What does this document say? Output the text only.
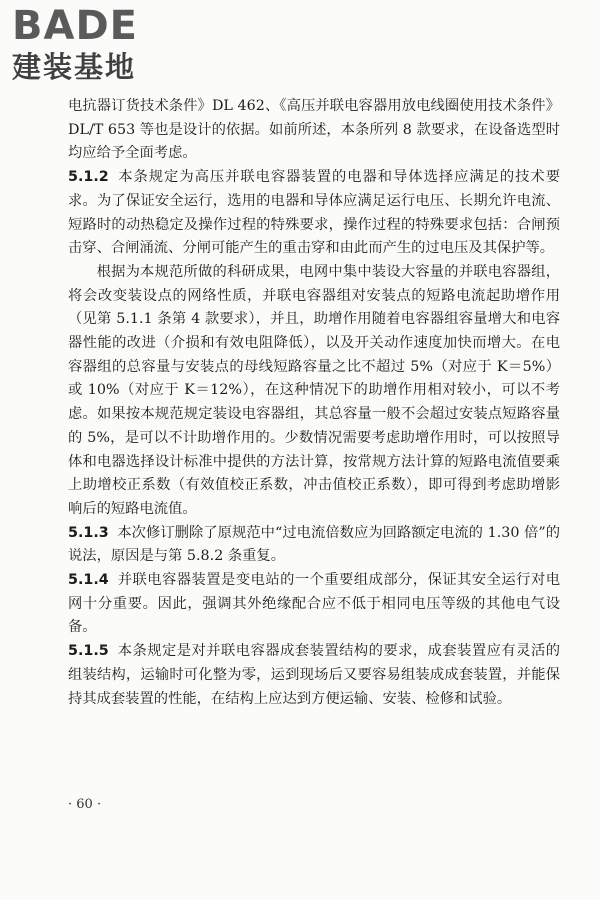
BADE
建装基地

电抗器订货技术条件》DL 462、《高压并联电容器用放电线圈使用技术条件》DL/T 653 等也是设计的依据。如前所述，本条所列 8 款要求，在设备选型时均应给予全面考虑。

5.1.2 本条规定为高压并联电容器装置的电器和导体选择应满足的技术要求。为了保证安全运行，选用的电器和导体应满足运行电压、长期允许电流、短路时的动热稳定及操作过程的特殊要求，操作过程的特殊要求包括：合闸预击穿、合闸涌流、分闸可能产生的重击穿和由此而产生的过电压及其保护等。

根据为本规范所做的科研成果，电网中集中装设大容量的并联电容器组，将会改变装设点的网络性质，并联电容器组对安装点的短路电流起助增作用（见第 5.1.1 条第 4 款要求），并且，助增作用随着电容器组容量增大和电容器性能的改进（介损和有效电阻降低），以及开关动作速度加快而增大。在电容器组的总容量与安装点的母线短路容量之比不超过 5%（对应于 K＝5%）或 10%（对应于 K＝12%），在这种情况下的助增作用相对较小，可以不考虑。如果按本规范规定装设电容器组，其总容量一般不会超过安装点短路容量的 5%，是可以不计助增作用的。少数情况需要考虑助增作用时，可以按照导体和电器选择设计标准中提供的方法计算，按常规方法计算的短路电流值要乘上助增校正系数（有效值校正系数，冲击值校正系数），即可得到考虑助增影响后的短路电流值。

5.1.3 本次修订删除了原规范中“过电流倍数应为回路额定电流的 1.30 倍”的说法，原因是与第 5.8.2 条重复。

5.1.4 并联电容器装置是变电站的一个重要组成部分，保证其安全运行对电网十分重要。因此，强调其外绝缘配合应不低于相同电压等级的其他电气设备。

5.1.5 本条规定是对并联电容器成套装置结构的要求，成套装置应有灵活的组装结构，运输时可化整为零，运到现场后又要容易组装成成套装置，并能保持其成套装置的性能，在结构上应达到方便运输、安装、检修和试验。

· 60 ·
